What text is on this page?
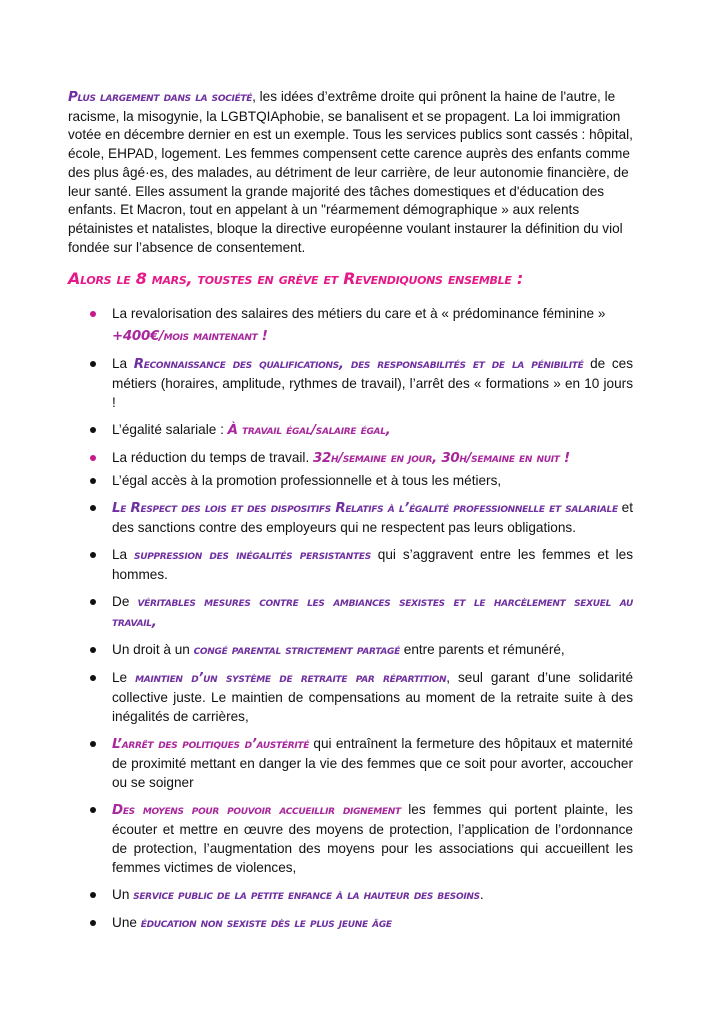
Plus largement dans la société, les idées d’extrême droite qui prônent la haine de l'autre, le racisme, la misogynie, la LGBTQIAphobie, se banalisent et se propagent. La loi immigration votée en décembre dernier en est un exemple. Tous les services publics sont cassés : hôpital, école, EHPAD, logement. Les femmes compensent cette carence auprès des enfants comme des plus âgé·es, des malades, au détriment de leur carrière, de leur autonomie financière, de leur santé. Elles assument la grande majorité des tâches domestiques et d'éducation des enfants. Et Macron, tout en appelant à un "réarmement démographique » aux relents pétainistes et natalistes, bloque la directive européenne voulant instaurer la définition du viol fondée sur l’absence de consentement.

Alors le 8 mars, toustes en grève et Revendiquons ensemble :
La revalorisation des salaires des métiers du care et à « prédominance féminine »
+400€/mois maintenant !
La Reconnaissance des qualifications, des responsabilités et de la pénibilité de ces métiers (horaires, amplitude, rythmes de travail), l’arrêt des « formations » en 10 jours !
L’égalité salariale : À travail égal/salaire égal,
La réduction du temps de travail. 32h/semaine en jour, 30h/semaine en nuit !
L’égal accès à la promotion professionnelle et à tous les métiers,
Le Respect des lois et des dispositifs Relatifs à l’égalité professionnelle et salariale et des sanctions contre des employeurs qui ne respectent pas leurs obligations.
La suppression des inégalités persistantes qui s’aggravent entre les femmes et les hommes.
De véritables mesures contre les ambiances sexistes et le harcèlement sexuel au travail,
Un droit à un congé parental strictement partagé entre parents et rémunéré,
Le maintien d’un système de retraite par répartition, seul garant d’une solidarité collective juste. Le maintien de compensations au moment de la retraite suite à des inégalités de carrières,
L’arrêt des politiques d’austérité qui entraînent la fermeture des hôpitaux et maternité de proximité mettant en danger la vie des femmes que ce soit pour avorter, accoucher ou se soigner
Des moyens pour pouvoir accueillir dignement les femmes qui portent plainte, les écouter et mettre en œuvre des moyens de protection, l’application de l’ordonnance de protection, l’augmentation des moyens pour les associations qui accueillent les femmes victimes de violences,
Un service public de la petite enfance à la hauteur des besoins.
Une éducation non sexiste dès le plus jeune âge
